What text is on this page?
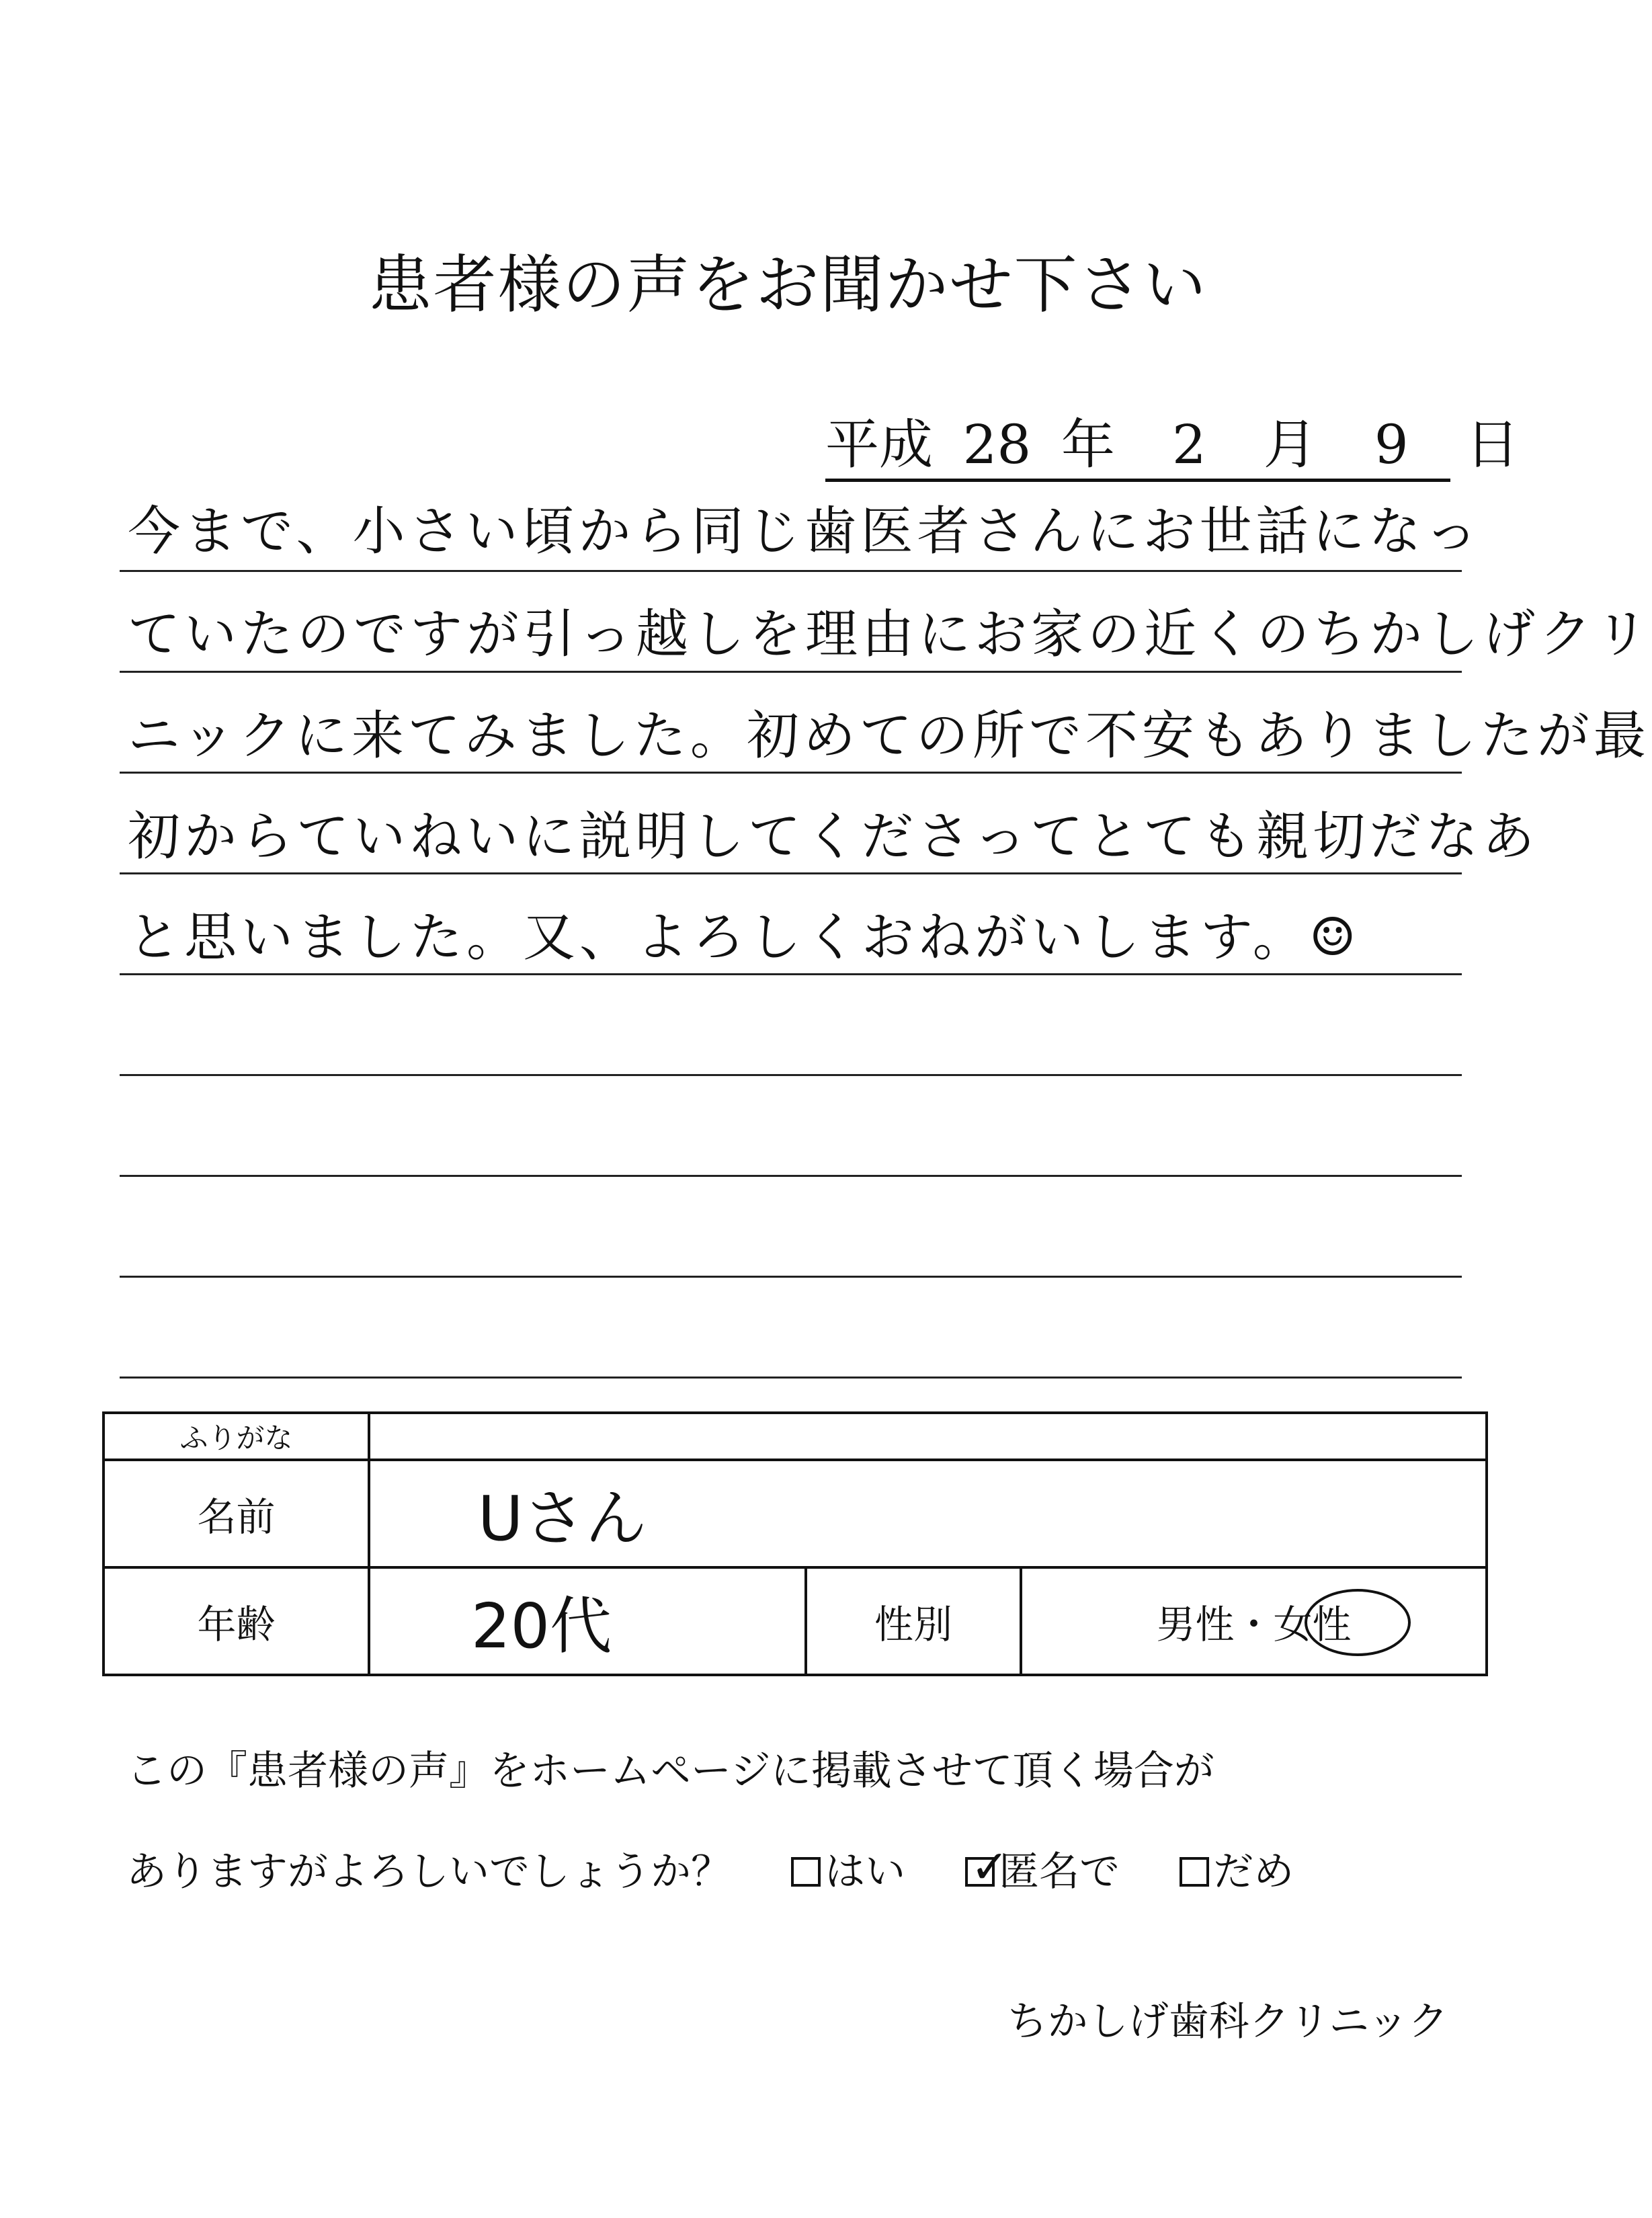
患者様の声をお聞かせ下さい
平成 28 年 2 月 9 日
今まで、小さい頃から同じ歯医者さんにお世話になっ
ていたのですが引っ越しを理由にお家の近くのちかしげクリ
ニックに来てみました。初めての所で不安もありましたが最
初からていねいに説明してくださってとても親切だなあ
と思いました。又、よろしくおねがいします。☺
ふりがな			
名前	Uさん		
年齢	20代	性別	男性・女性
この『患者様の声』をホームページに掲載させて頂く場合が
ありますがよろしいでしょうか？ はい ✓
匿名で だめ
ちかしげ歯科クリニック
